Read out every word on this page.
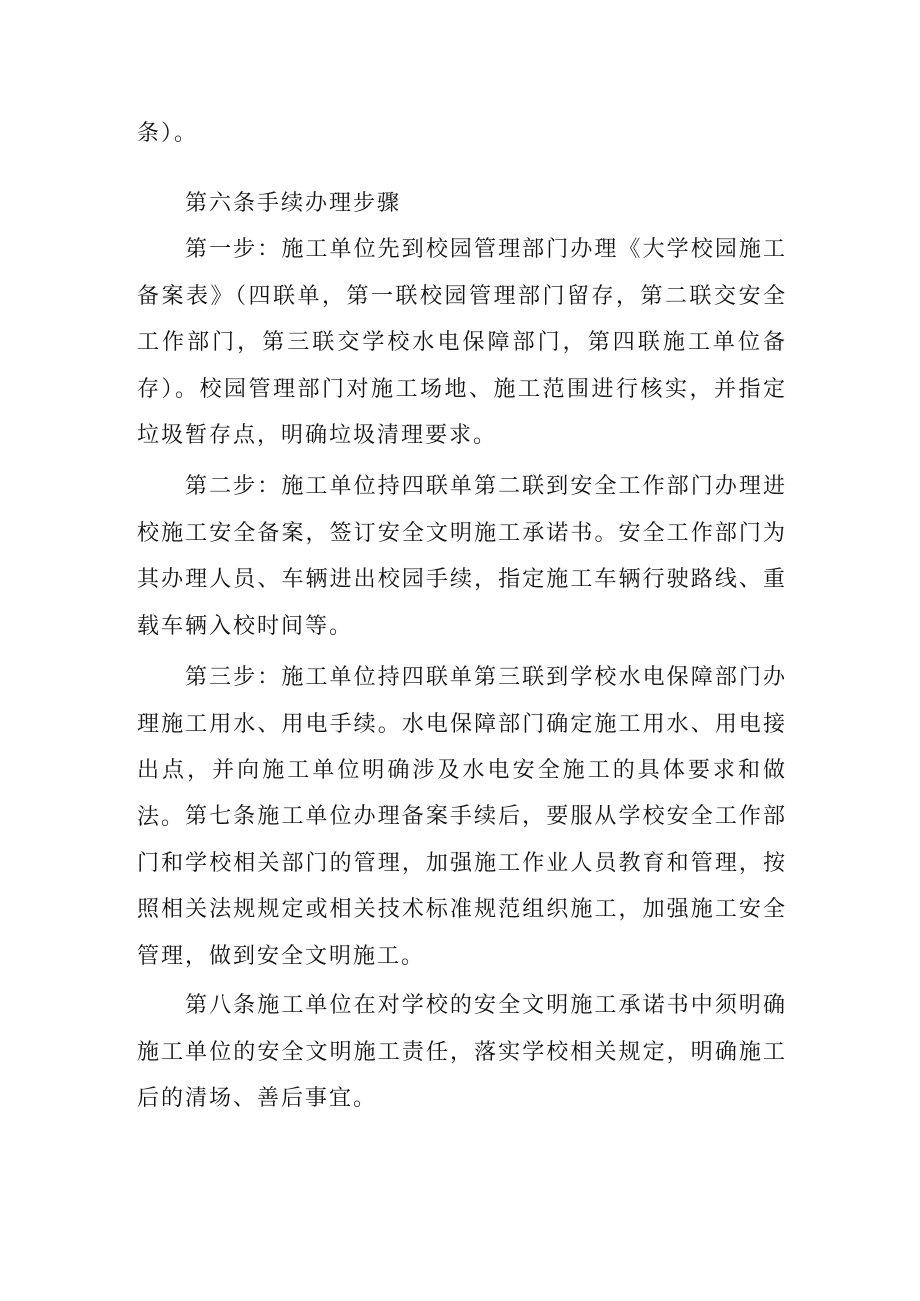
条）。

第六条手续办理步骤

第一步：施工单位先到校园管理部门办理《大学校园施工备案表》（四联单，第一联校园管理部门留存，第二联交安全工作部门，第三联交学校水电保障部门，第四联施工单位备存）。校园管理部门对施工场地、施工范围进行核实，并指定垃圾暂存点，明确垃圾清理要求。

第二步：施工单位持四联单第二联到安全工作部门办理进校施工安全备案，签订安全文明施工承诺书。安全工作部门为其办理人员、车辆进出校园手续，指定施工车辆行驶路线、重载车辆入校时间等。

第三步：施工单位持四联单第三联到学校水电保障部门办理施工用水、用电手续。水电保障部门确定施工用水、用电接出点，并向施工单位明确涉及水电安全施工的具体要求和做法。 第七条施工单位办理备案手续后，要服从学校安全工作部门和学校相关部门的管理，加强施工作业人员教育和管理，按照相关法规规定或相关技术标准规范组织施工，加强施工安全管理，做到安全文明施工。

第八条施工单位在对学校的安全文明施工承诺书中须明确施工单位的安全文明施工责任，落实学校相关规定，明确施工后的清场、善后事宜。
